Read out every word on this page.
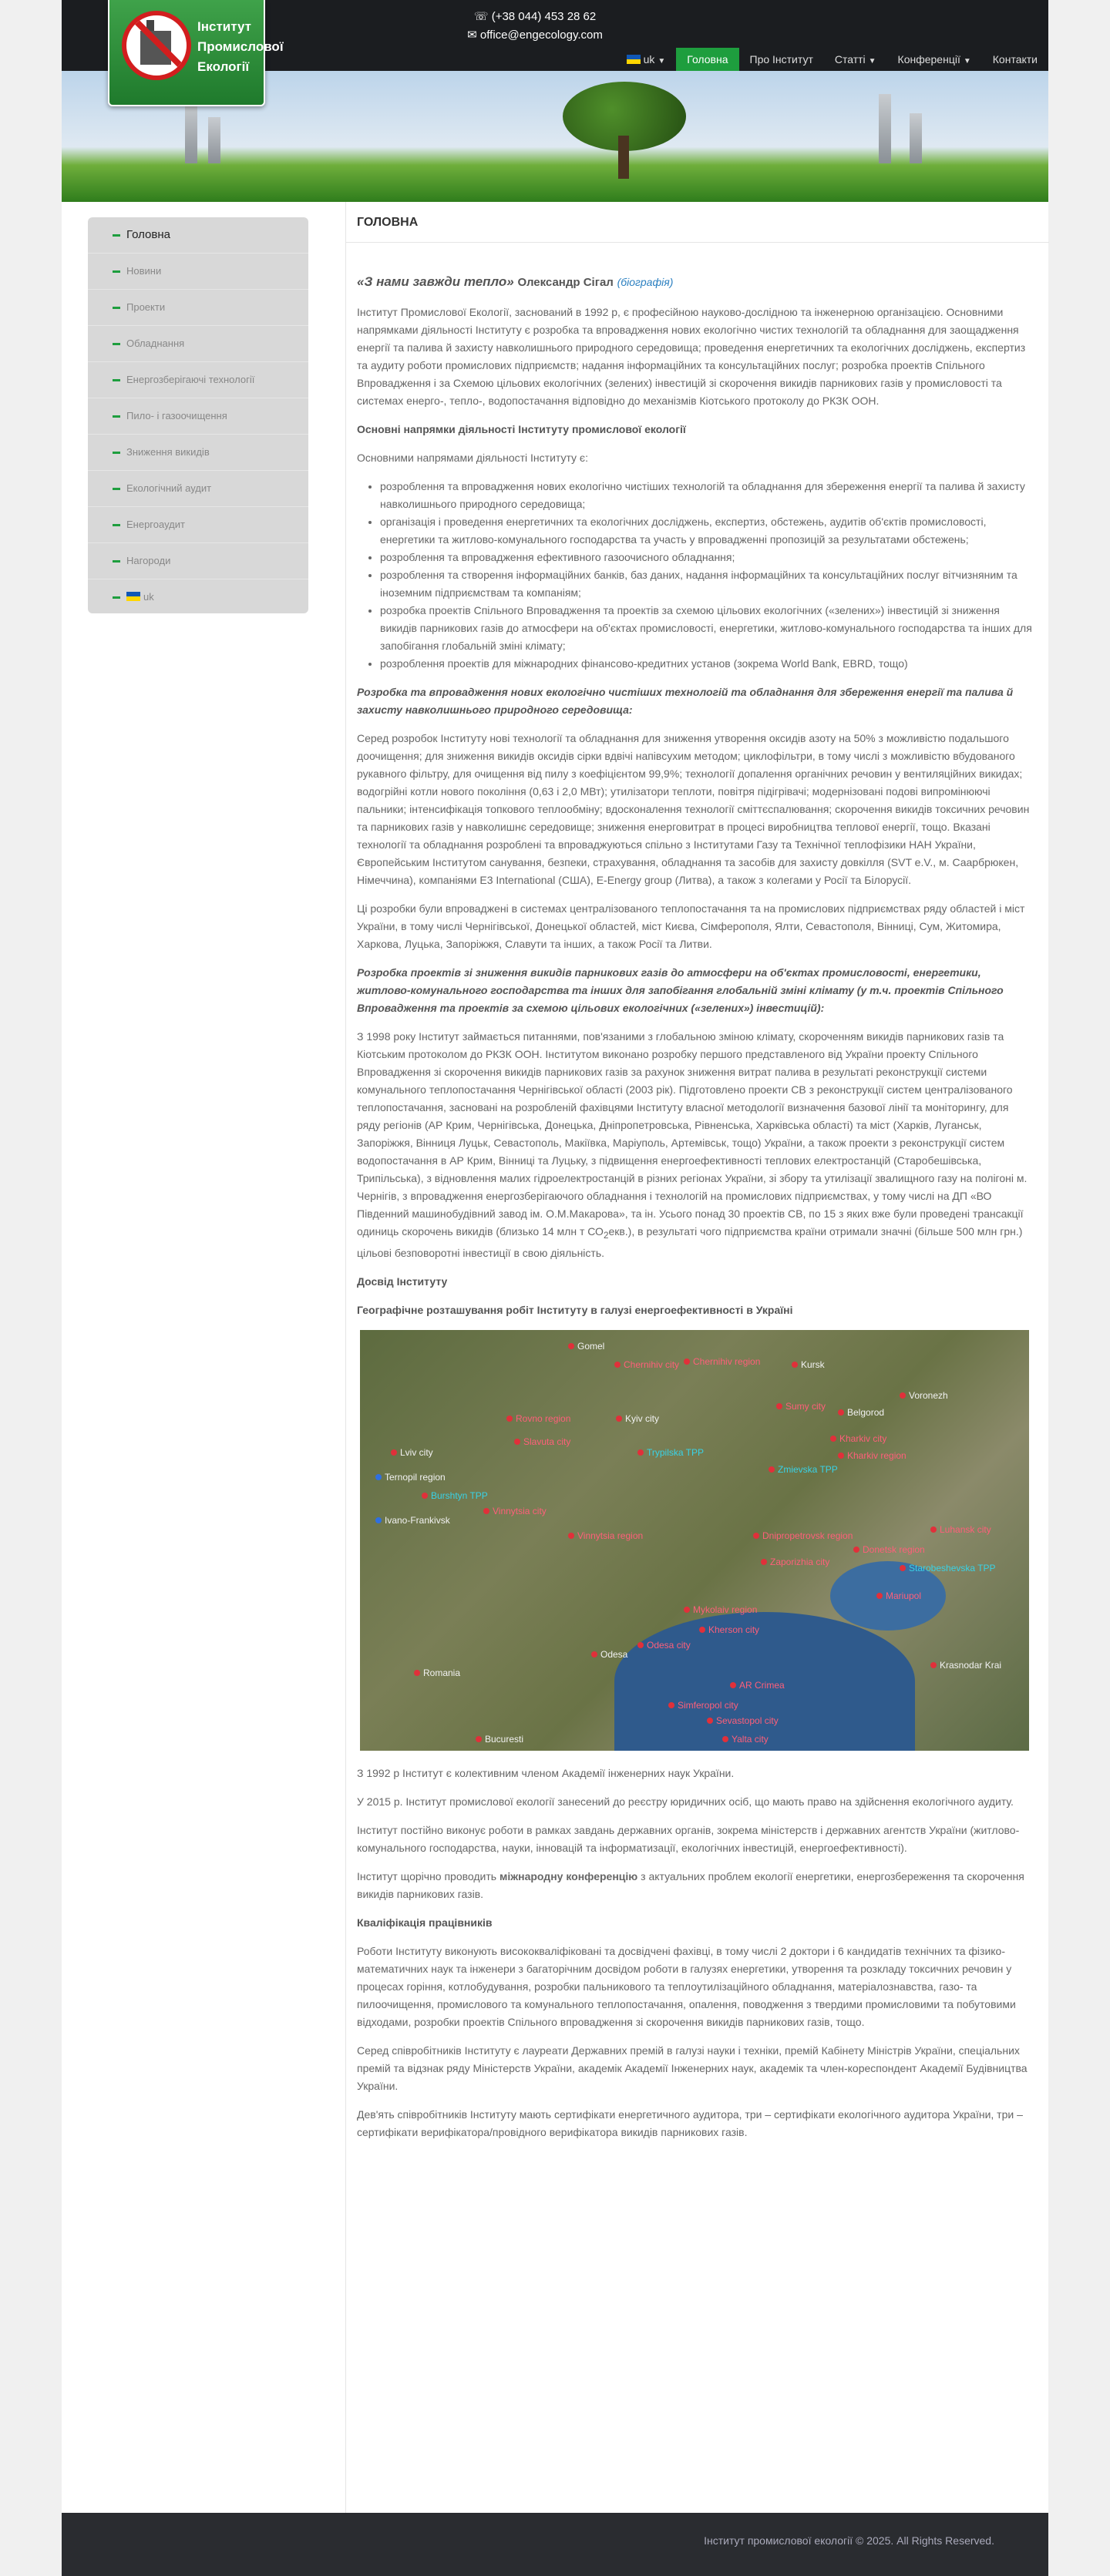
Інститут
Промислової
Екології
☏ (+38 044) 453 28 62
✉ office@engecology.com
uk ▼	Головна	Про Інститут	Статті ▼	Конференції ▼	Контакти
Головна
Новини
Проекти
Обладнання
Енергозберігаючі технології
Пило- і газоочищення
Зниження викидів
Екологічний аудит
Енергоаудит
Нагороди
uk
ГОЛОВНА
«З нами завжди тепло» Олександр Сігал (біографія)

Інститут Промислової Екології, заснований в 1992 р, є професійною науково-дослідною та інженерною організацією. Основними напрямками діяльності Інституту є розробка та впровадження нових екологічно чистих технологій та обладнання для заощадження енергії та палива й захисту навколишнього природного середовища; проведення енергетичних та екологічних досліджень, експертиз та аудиту роботи промислових підприємств; надання інформаційних та консультаційних послуг; розробка проектів Спільного Впровадження і за Схемою цільових екологічних (зелених) інвестицій зі скорочення викидів парникових газів у промисловості та системах енерго-, тепло-, водопостачання відповідно до механізмів Кіотського протоколу до РКЗК ООН.

Основні напрямки діяльності Інституту промислової екології

Основними напрямами діяльності Інституту є:

• розроблення та впровадження нових екологічно чистіших технологій та обладнання для збереження енергії та палива й захисту навколишнього природного середовища;
• організація і проведення енергетичних та екологічних досліджень, експертиз, обстежень, аудитів об'єктів промисловості, енергетики та житлово-комунального господарства та участь у впровадженні пропозицій за результатами обстежень;
• розроблення та впровадження ефективного газоочисного обладнання;
• розроблення та створення інформаційних банків, баз даних, надання інформаційних та консультаційних послуг вітчизняним та іноземним підприємствам та компаніям;
• розробка проектів Спільного Впровадження та проектів за схемою цільових екологічних («зелених») інвестицій зі зниження викидів парникових газів до атмосфери на об'єктах промисловості, енергетики, житлово-комунального господарства та інших для запобігання глобальній зміні клімату;
• розроблення проектів для міжнародних фінансово-кредитних установ (зокрема World Bank, EBRD, тощо)

Розробка та впровадження нових екологічно чистіших технологій та обладнання для збереження енергії та палива й захисту навколишнього природного середовища:

Серед розробок Інституту нові технології та обладнання для зниження утворення оксидів азоту на 50% з можливістю подальшого доочищення; для зниження викидів оксидів сірки вдвічі напівсухим методом; циклофільтри, в тому числі з можливістю вбудованого рукавного фільтру, для очищення від пилу з коефіцієнтом 99,9%; технології допалення органічних речовин у вентиляційних викидах; водогрійні котли нового покоління (0,63 і 2,0 МВт); утилізатори теплоти, повітря підігрівачі; модернізовані подові випромінюючі пальники; інтенсифікація топкового теплообміну; вдосконалення технології сміттєспалювання; скорочення викидів токсичних речовин та парникових газів у навколишнє середовище; зниження енерговитрат в процесі виробництва теплової енергії, тощо. Вказані технології та обладнання розроблені та впроваджуються спільно з Інститутами Газу та Технічної теплофізики НАН України, Європейським Інститутом санування, безпеки, страхування, обладнання та засобів для захисту довкілля (SVT e.V., м. Саарбрюкен, Німеччина), компаніями E3 International (США), E-Energy group (Литва), а також з колегами у Росії та Білорусії.

Ці розробки були впроваджені в системах централізованого теплопостачання та на промислових підприємствах ряду областей і міст України, в тому числі Чернігівської, Донецької областей, міст Києва, Сімферополя, Ялти, Севастополя, Вінниці, Сум, Житомира, Харкова, Луцька, Запоріжжя, Славути та інших, а також Росії та Литви.

Розробка проектів зі зниження викидів парникових газів до атмосфери на об'єктах промисловості, енергетики, житлово-комунального господарства та інших для запобігання глобальній зміні клімату (у т.ч. проектів Спільного Впровадження та проектів за схемою цільових екологічних («зелених») інвестицій):

З 1998 року Інститут займається питаннями, пов'язаними з глобальною зміною клімату, скороченням викидів парникових газів та Кіотським протоколом до РКЗК ООН. Інститутом виконано розробку першого представленого від України проекту Спільного Впровадження зі скорочення викидів парникових газів за рахунок зниження витрат палива в результаті реконструкції системи комунального теплопостачання Чернігівської області (2003 рік). Підготовлено проекти СВ з реконструкції систем централізованого теплопостачання, засновані на розробленій фахівцями Інституту власної методології визначення базової лінії та моніторингу, для ряду регіонів (АР Крим, Чернігівська, Донецька, Дніпропетровська, Рівненська, Харківська області) та міст (Харків, Луганськ, Запоріжжя, Вінниця Луцьк, Севастополь, Макіївка, Маріуполь, Артемівськ, тощо) України, а також проекти з реконструкції систем водопостачання в АР Крим, Вінниці та Луцьку, з підвищення енергоефективності теплових електростанцій (Старобешівська, Трипільська), з відновлення малих гідроелектростанцій в різних регіонах України, зі збору та утилізації звалищного газу на полігоні м. Чернігів, з впровадження енергозберігаючого обладнання і технологій на промислових підприємствах, у тому числі на ДП «ВО Південний машинобудівний завод ім. О.М.Макарова», та ін. Усього понад 30 проектів СВ, по 15 з яких вже були проведені трансакції одиниць скорочень викидів (близько 14 млн т $СО_2екв$.), в результаті чого підприємства країни отримали значні (більше 500 млн грн.) цільові безповоротні інвестиції в свою діяльність.

Досвід Інституту
Географічне розташування робіт Інституту в галузі енергоефективності в Україні
Gomel
Chernihiv city	Chernihiv region	Kursk
Sumy city
Belgorod
Voronezh
Rovno region
Slavuta city
Kyiv city
Kharkiv city
Kharkiv region
Lviv city
Ternopil region
Burshtyn TPP
Trypilska TPP
Zmievska TPP
Vinnytsia city
Vinnytsia region
Ivano-Frankivsk
Dnipropetrovsk region
Luhansk city
Zaporizhia city
Donetsk region
Starobeshevska TPP
Mariupol
Mykolaiv region
Kherson city
Odesa city
Odesa
Romania
AR Crimea
Simferopol city
Sevastopol city
Yalta city
Krasnodar Krai
Bucuresti

З 1992 р Інститут є колективним членом Академії інженерних наук України.

У 2015 р. Інститут промислової екології занесений до реєстру юридичних осіб, що мають право на здійснення екологічного аудиту.

Інститут постійно виконує роботи в рамках завдань державних органів, зокрема міністерств і державних агентств України (житлово-комунального господарства, науки, інновацій та інформатизації, екологічних інвестицій, енергоефективності).

Інститут щорічно проводить міжнародну конференцію з актуальних проблем екології енергетики, енергозбереження та скорочення викидів парникових газів.

Кваліфікація працівників

Роботи Інституту виконують висококваліфіковані та досвідчені фахівці, в тому числі 2 доктори і 6 кандидатів технічних та фізико-математичних наук та інженери з багаторічним досвідом роботи в галузях енергетики, утворення та розкладу токсичних речовин у процесах горіння, котлобудування, розробки пальникового та теплоутилізаційного обладнання, матеріалознавства, газо- та пилоочищення, промислового та комунального теплопостачання, опалення, поводження з твердими промисловими та побутовими відходами, розробки проектів Спільного впровадження зі скорочення викидів парникових газів, тощо.

Серед співробітників Інституту є лауреати Державних премій в галузі науки і техніки, премій Кабінету Міністрів України, спеціальних премій та відзнак ряду Міністерств України, академік Академії Інженерних наук, академік та член-кореспондент Академії Будівництва України.

Дев'ять співробітників Інституту мають сертифікати енергетичного аудитора, три – сертифікати екологічного аудитора України, три – сертифікати верифікатора/провідного верифікатора викидів парникових газів.

Інститут промислової екології © 2025. All Rights Reserved.
